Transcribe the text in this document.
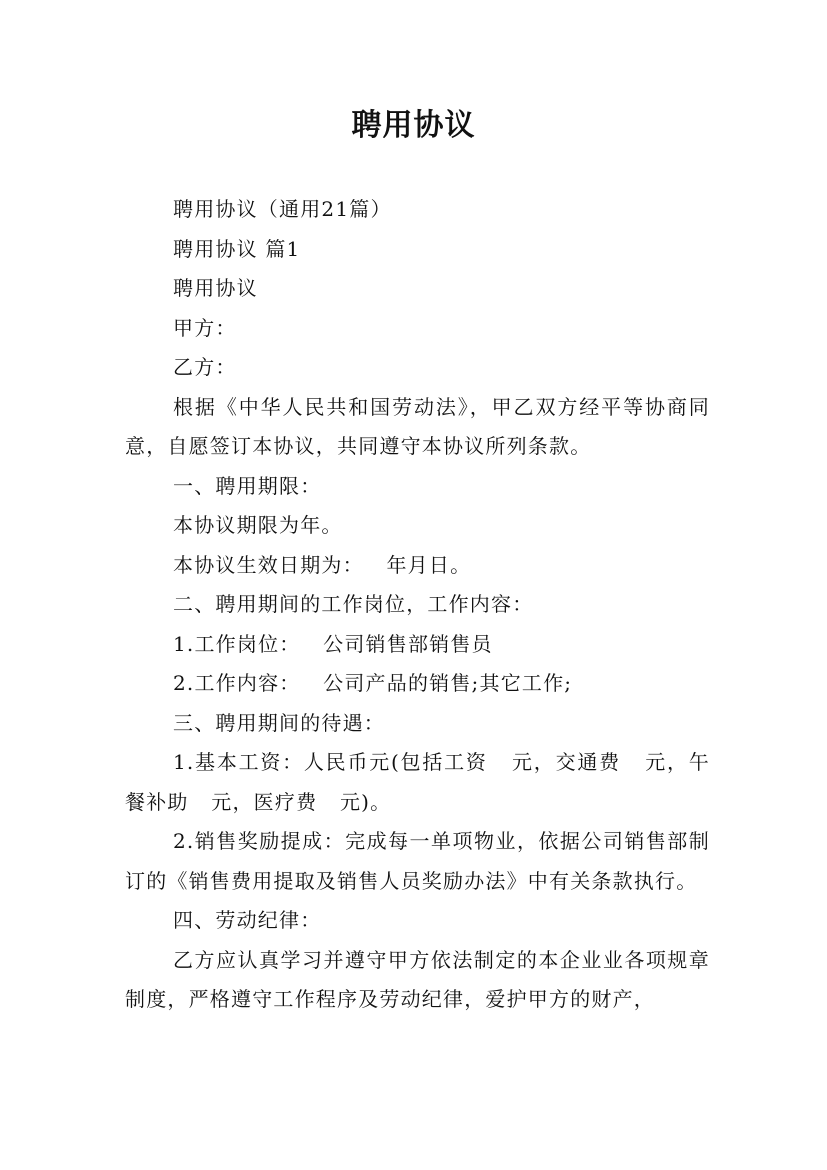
聘用协议

聘用协议（通用21篇）

聘用协议 篇1

聘用协议

甲方：

乙方：

根据《中华人民共和国劳动法》，甲乙双方经平等协商同意，自愿签订本协议，共同遵守本协议所列条款。

一、聘用期限：

本协议期限为年。

本协议生效日期为：   年月日。

二、聘用期间的工作岗位，工作内容：

1.工作岗位：   公司销售部销售员

2.工作内容：   公司产品的销售;其它工作;

三、聘用期间的待遇：

1.基本工资：人民币元(包括工资   元，交通费   元，午餐补助   元，医疗费   元)。

2.销售奖励提成：完成每一单项物业，依据公司销售部制订的《销售费用提取及销售人员奖励办法》中有关条款执行。

四、劳动纪律：

乙方应认真学习并遵守甲方依法制定的本企业业各项规章制度，严格遵守工作程序及劳动纪律，爱护甲方的财产，
